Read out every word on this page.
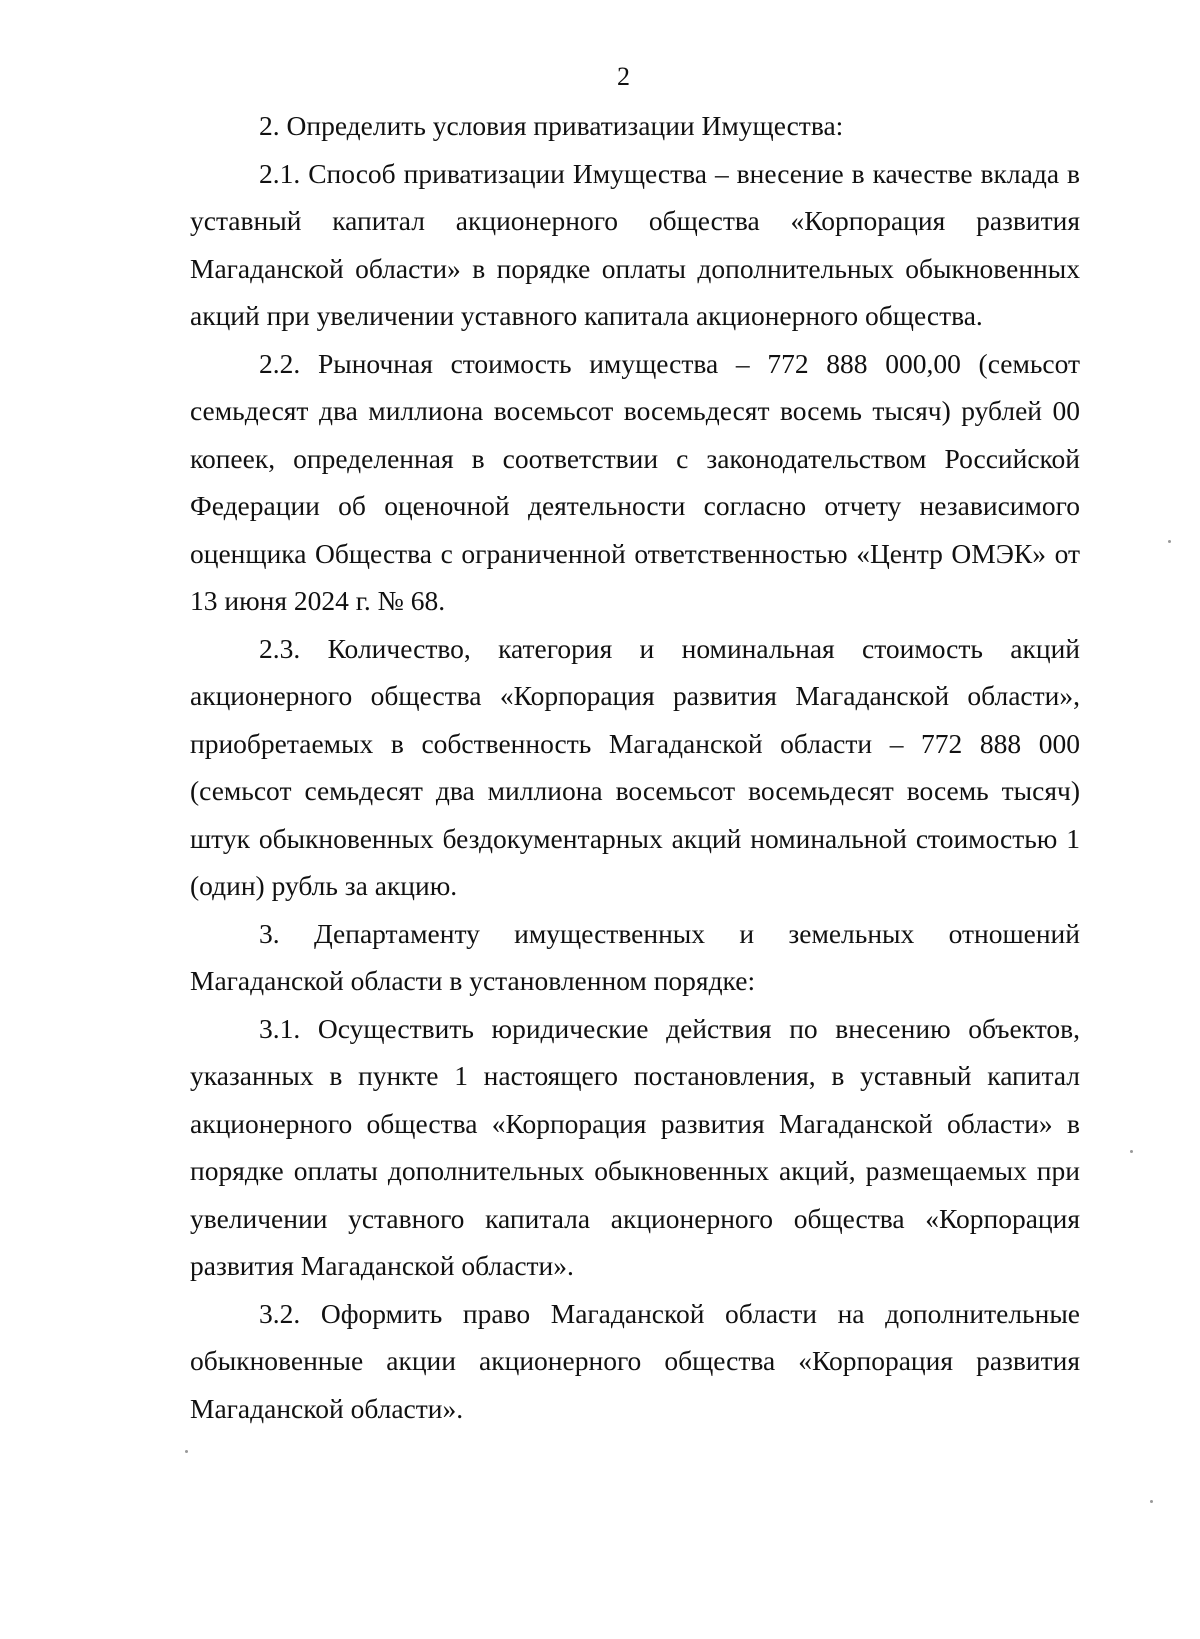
2

2. Определить условия приватизации Имущества:

2.1. Способ приватизации Имущества – внесение в качестве вклада в уставный капитал акционерного общества «Корпорация развития Магаданской области» в порядке оплаты дополнительных обыкновенных акций при увеличении уставного капитала акционерного общества.

2.2. Рыночная стоимость имущества – 772 888 000,00 (семьсот семьдесят два миллиона восемьсот восемьдесят восемь тысяч) рублей 00 копеек, определенная в соответствии с законодательством Российской Федерации об оценочной деятельности согласно отчету независимого оценщика Общества с ограниченной ответственностью «Центр ОМЭК» от 13 июня 2024 г. № 68.

2.3. Количество, категория и номинальная стоимость акций акционерного общества «Корпорация развития Магаданской области», приобретаемых в собственность Магаданской области – 772 888 000 (семьсот семьдесят два миллиона восемьсот восемьдесят восемь тысяч) штук обыкновенных бездокументарных акций номинальной стоимостью 1 (один) рубль за акцию.

3. Департаменту имущественных и земельных отношений Магаданской области в установленном порядке:

3.1. Осуществить юридические действия по внесению объектов, указанных в пункте 1 настоящего постановления, в уставный капитал акционерного общества «Корпорация развития Магаданской области» в порядке оплаты дополнительных обыкновенных акций, размещаемых при увеличении уставного капитала акционерного общества «Корпорация развития Магаданской области».

3.2. Оформить право Магаданской области на дополнительные обыкновенные акции акционерного общества «Корпорация развития Магаданской области».
